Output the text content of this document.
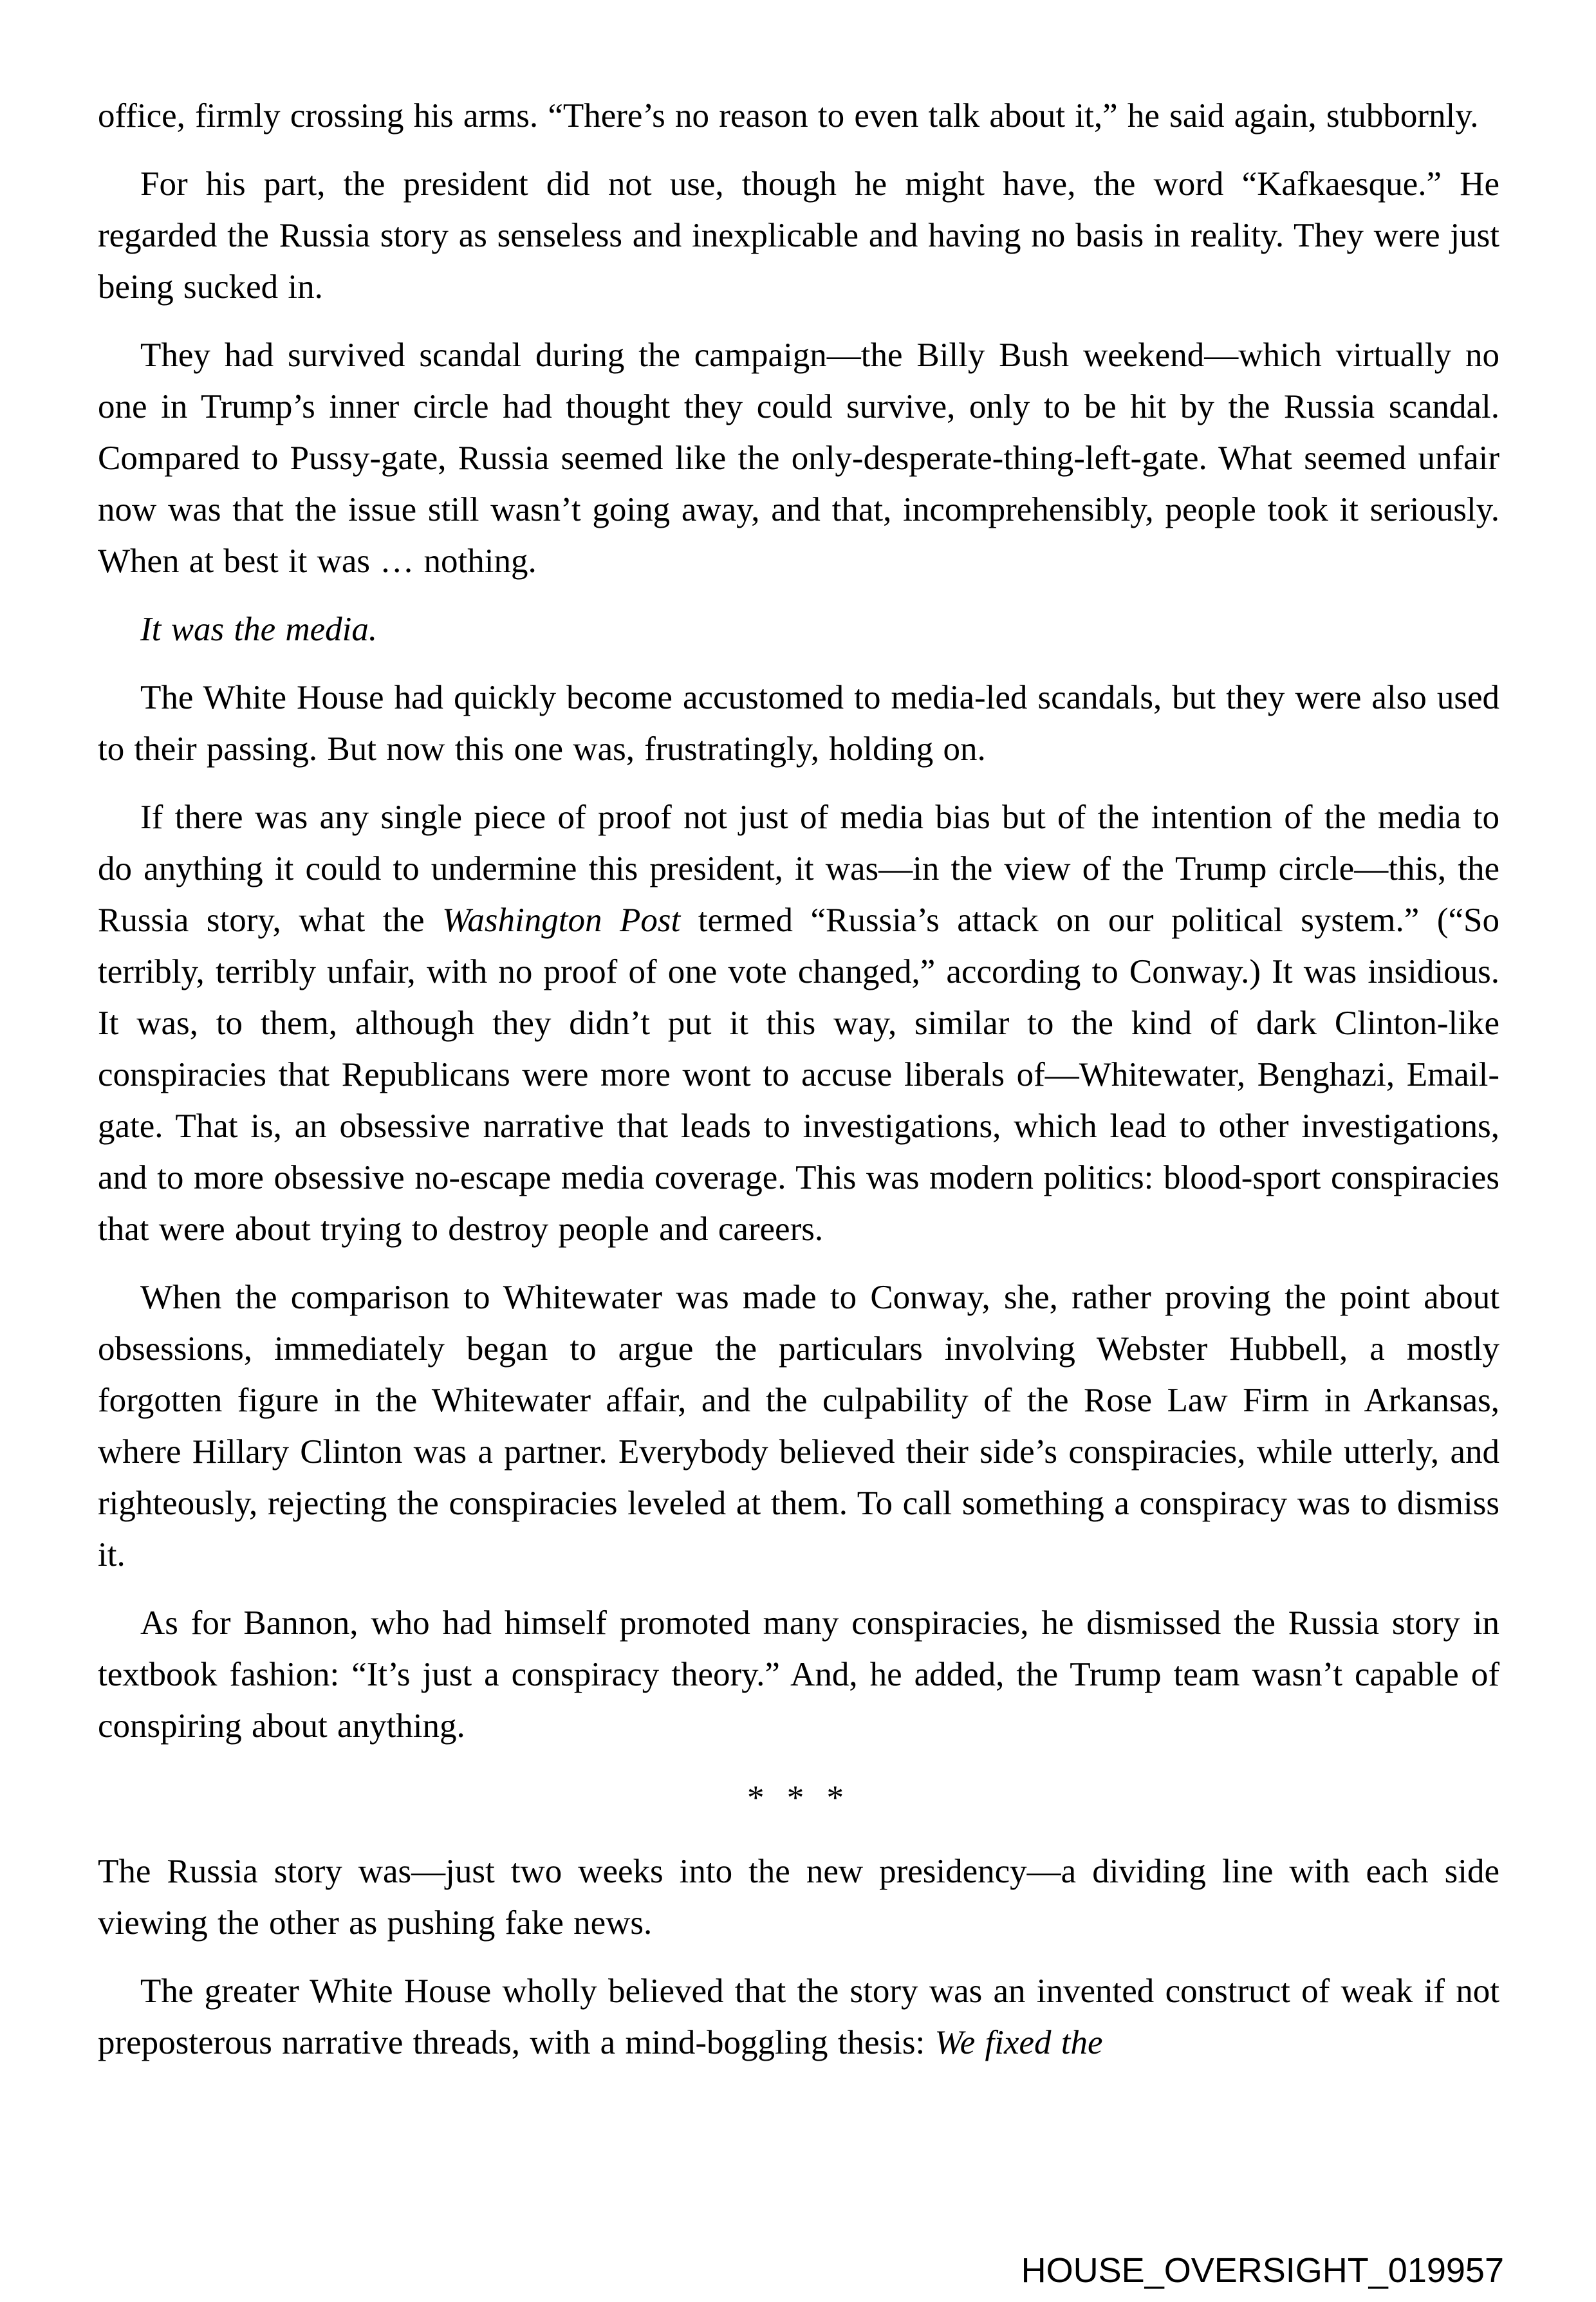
office, firmly crossing his arms. “There’s no reason to even talk about it,” he said again, stubbornly.

For his part, the president did not use, though he might have, the word “Kafkaesque.” He regarded the Russia story as senseless and inexplicable and having no basis in reality. They were just being sucked in.

They had survived scandal during the campaign—the Billy Bush weekend—which virtually no one in Trump’s inner circle had thought they could survive, only to be hit by the Russia scandal. Compared to Pussy-gate, Russia seemed like the only-desperate-thing-left-gate. What seemed unfair now was that the issue still wasn’t going away, and that, incomprehensibly, people took it seriously. When at best it was … nothing.

It was the media.

The White House had quickly become accustomed to media-led scandals, but they were also used to their passing. But now this one was, frustratingly, holding on.

If there was any single piece of proof not just of media bias but of the intention of the media to do anything it could to undermine this president, it was—in the view of the Trump circle—this, the Russia story, what the Washington Post termed “Russia’s attack on our political system.” (“So terribly, terribly unfair, with no proof of one vote changed,” according to Conway.) It was insidious. It was, to them, although they didn’t put it this way, similar to the kind of dark Clinton-like conspiracies that Republicans were more wont to accuse liberals of—Whitewater, Benghazi, Email-gate. That is, an obsessive narrative that leads to investigations, which lead to other investigations, and to more obsessive no-escape media coverage. This was modern politics: blood-sport conspiracies that were about trying to destroy people and careers.

When the comparison to Whitewater was made to Conway, she, rather proving the point about obsessions, immediately began to argue the particulars involving Webster Hubbell, a mostly forgotten figure in the Whitewater affair, and the culpability of the Rose Law Firm in Arkansas, where Hillary Clinton was a partner. Everybody believed their side’s conspiracies, while utterly, and righteously, rejecting the conspiracies leveled at them. To call something a conspiracy was to dismiss it.

As for Bannon, who had himself promoted many conspiracies, he dismissed the Russia story in textbook fashion: “It’s just a conspiracy theory.” And, he added, the Trump team wasn’t capable of conspiring about anything.

* * *

The Russia story was—just two weeks into the new presidency—a dividing line with each side viewing the other as pushing fake news.

The greater White House wholly believed that the story was an invented construct of weak if not preposterous narrative threads, with a mind-boggling thesis: We fixed the

HOUSE_OVERSIGHT_019957
